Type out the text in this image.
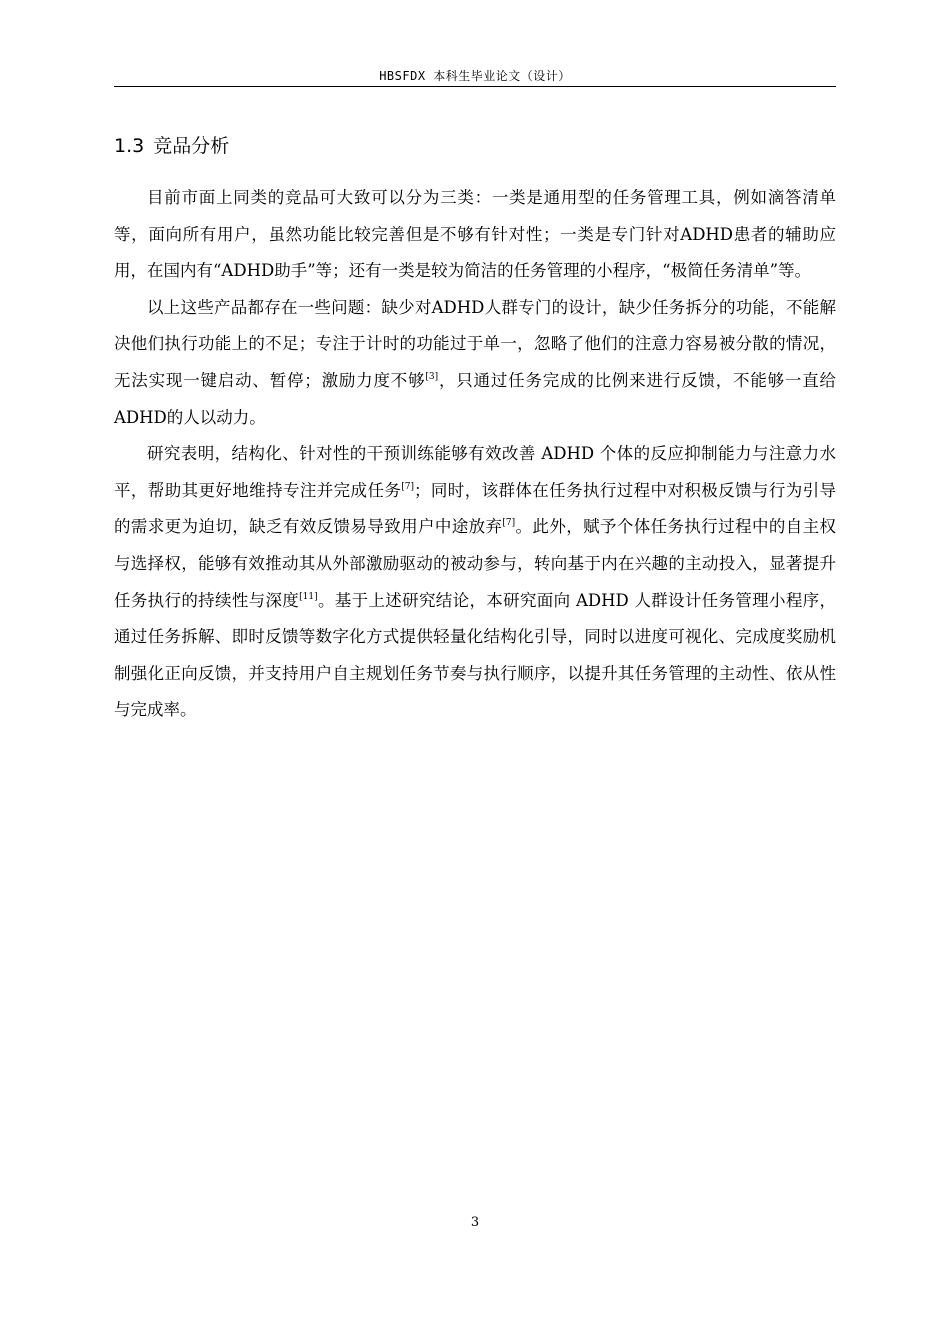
HBSFDX 本科生毕业论文（设计）
1.3 竞品分析

目前市面上同类的竞品可大致可以分为三类：一类是通用型的任务管理工具，例如滴答清单等，面向所有用户，虽然功能比较完善但是不够有针对性；一类是专门针对ADHD患者的辅助应用，在国内有“ADHD助手”等；还有一类是较为简洁的任务管理的小程序，“极简任务清单”等。

以上这些产品都存在一些问题：缺少对ADHD人群专门的设计，缺少任务拆分的功能，不能解决他们执行功能上的不足；专注于计时的功能过于单一，忽略了他们的注意力容易被分散的情况，无法实现一键启动、暂停；激励力度不够[3]，只通过任务完成的比例来进行反馈，不能够一直给ADHD的人以动力。

研究表明，结构化、针对性的干预训练能够有效改善 ADHD 个体的反应抑制能力与注意力水平，帮助其更好地维持专注并完成任务[7]；同时，该群体在任务执行过程中对积极反馈与行为引导的需求更为迫切，缺乏有效反馈易导致用户中途放弃[7]。此外，赋予个体任务执行过程中的自主权与选择权，能够有效推动其从外部激励驱动的被动参与，转向基于内在兴趣的主动投入，显著提升任务执行的持续性与深度[11]。基于上述研究结论，本研究面向 ADHD 人群设计任务管理小程序，通过任务拆解、即时反馈等数字化方式提供轻量化结构化引导，同时以进度可视化、完成度奖励机制强化正向反馈，并支持用户自主规划任务节奏与执行顺序，以提升其任务管理的主动性、依从性与完成率。

3
